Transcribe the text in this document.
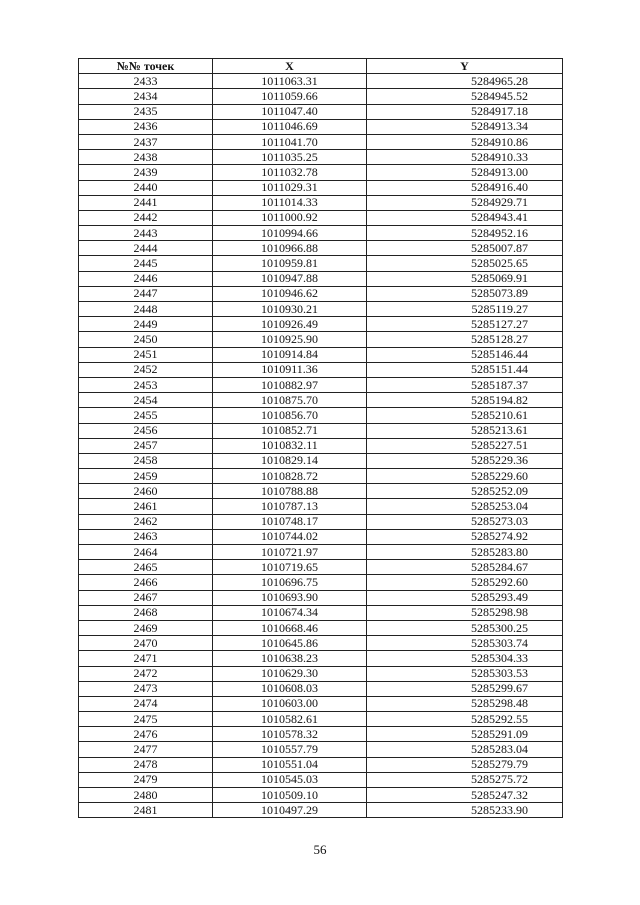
№№ точек	X	Y
2433	1011063.31	5284965.28
2434	1011059.66	5284945.52
2435	1011047.40	5284917.18
2436	1011046.69	5284913.34
2437	1011041.70	5284910.86
2438	1011035.25	5284910.33
2439	1011032.78	5284913.00
2440	1011029.31	5284916.40
2441	1011014.33	5284929.71
2442	1011000.92	5284943.41
2443	1010994.66	5284952.16
2444	1010966.88	5285007.87
2445	1010959.81	5285025.65
2446	1010947.88	5285069.91
2447	1010946.62	5285073.89
2448	1010930.21	5285119.27
2449	1010926.49	5285127.27
2450	1010925.90	5285128.27
2451	1010914.84	5285146.44
2452	1010911.36	5285151.44
2453	1010882.97	5285187.37
2454	1010875.70	5285194.82
2455	1010856.70	5285210.61
2456	1010852.71	5285213.61
2457	1010832.11	5285227.51
2458	1010829.14	5285229.36
2459	1010828.72	5285229.60
2460	1010788.88	5285252.09
2461	1010787.13	5285253.04
2462	1010748.17	5285273.03
2463	1010744.02	5285274.92
2464	1010721.97	5285283.80
2465	1010719.65	5285284.67
2466	1010696.75	5285292.60
2467	1010693.90	5285293.49
2468	1010674.34	5285298.98
2469	1010668.46	5285300.25
2470	1010645.86	5285303.74
2471	1010638.23	5285304.33
2472	1010629.30	5285303.53
2473	1010608.03	5285299.67
2474	1010603.00	5285298.48
2475	1010582.61	5285292.55
2476	1010578.32	5285291.09
2477	1010557.79	5285283.04
2478	1010551.04	5285279.79
2479	1010545.03	5285275.72
2480	1010509.10	5285247.32
2481	1010497.29	5285233.90
56
